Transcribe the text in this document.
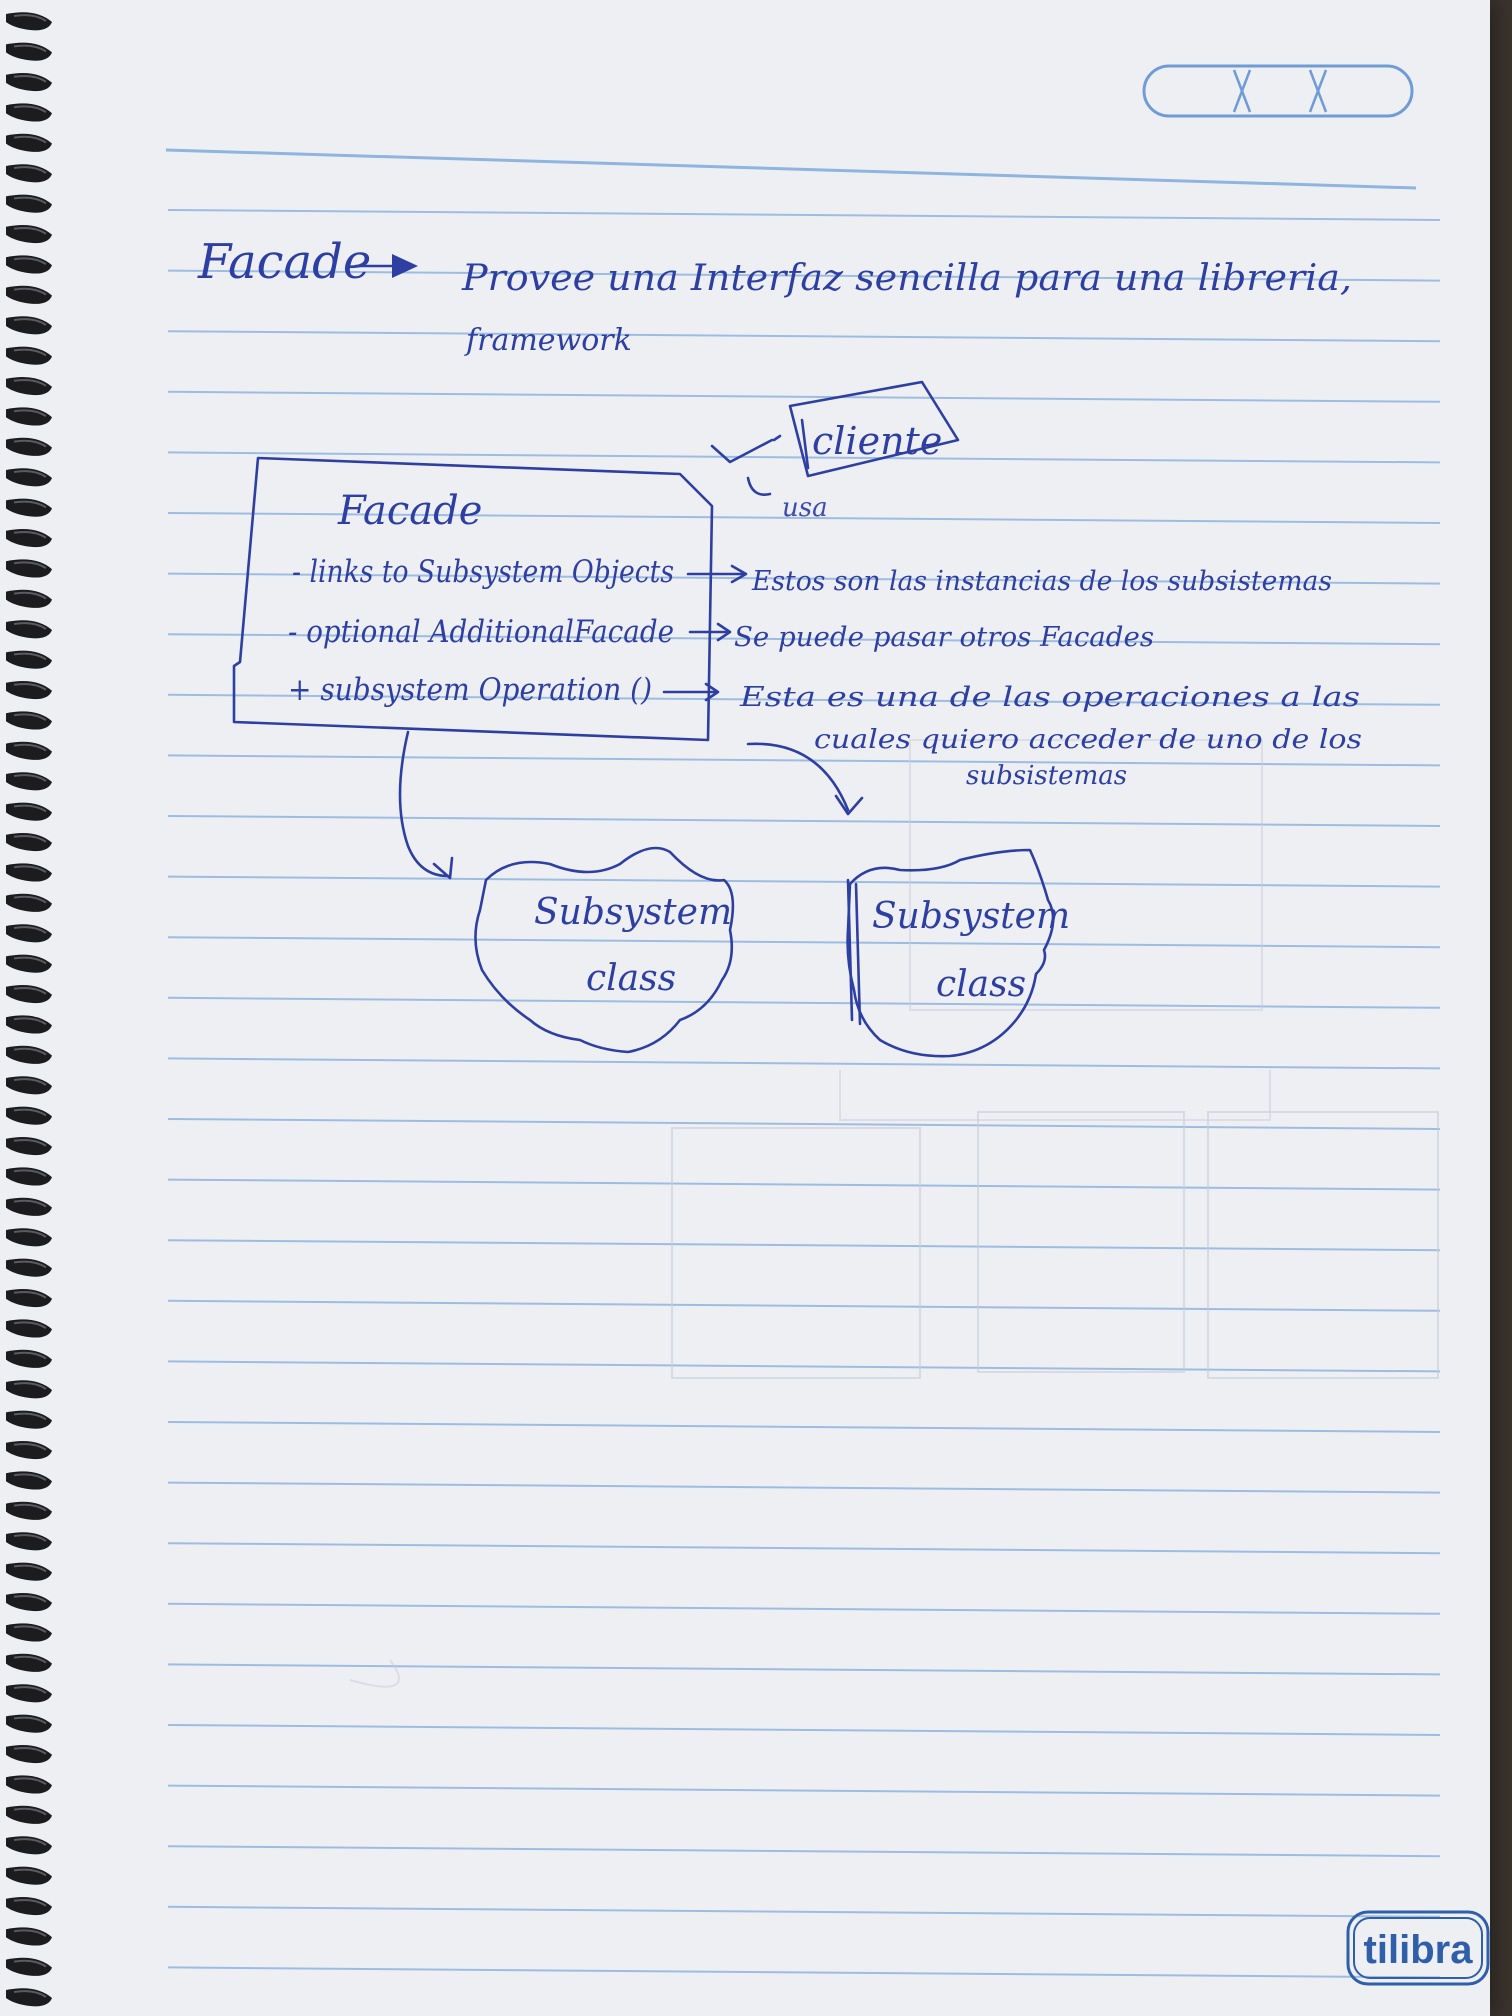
Facade Provee una Interfaz sencilla para una libreria,
framework
cliente
usa
Facade
- links to Subsystem Objects
- optional AdditionalFacade
+ subsystem Operation ()
Estos son las instancias de los subsistemas
Se puede pasar otros Facades
Esta es una de las operaciones a las
cuales quiero acceder de uno de los
subsistemas
Subsystem
class
Subsystem
class
tilibra
